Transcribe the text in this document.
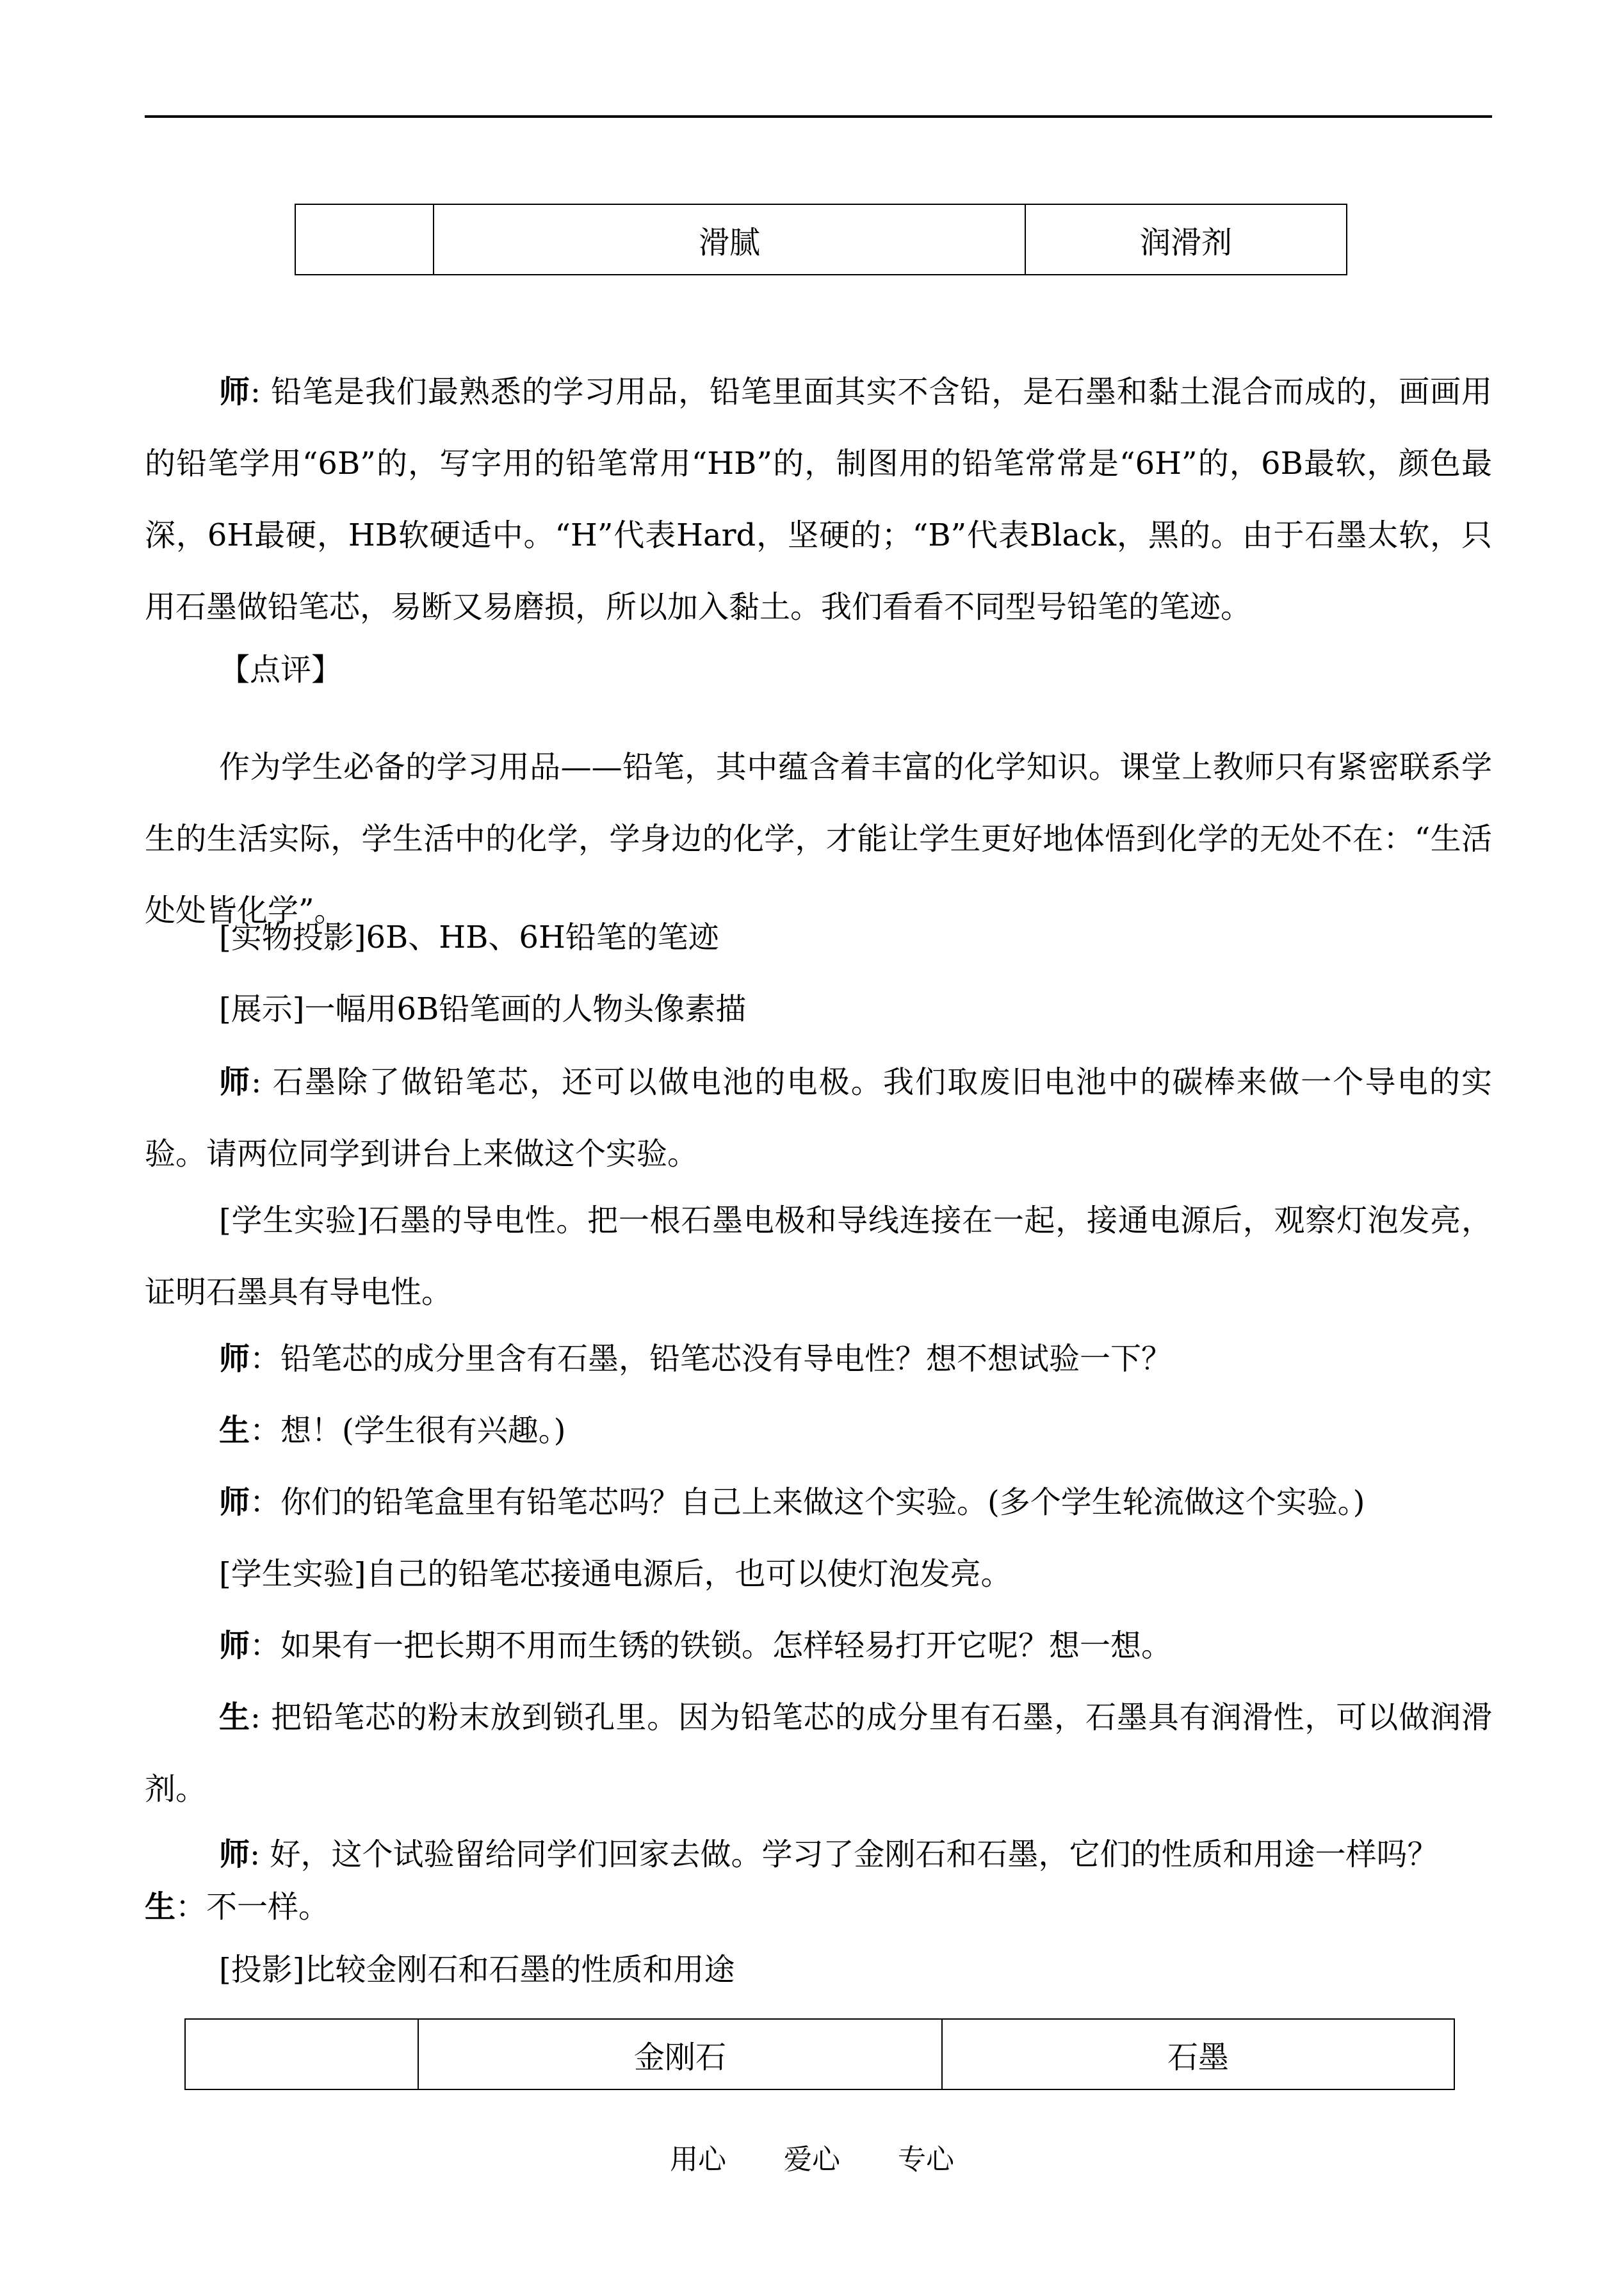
	滑腻	润滑剂

师: 铅笔是我们最熟悉的学习用品，铅笔里面其实不含铅，是石墨和黏土混合而成的，画画用的铅笔学用“6B”的，写字用的铅笔常用“HB”的，制图用的铅笔常常是“6H”的，6B最软，颜色最深，6H最硬，HB软硬适中。“H”代表Hard，坚硬的；“B”代表Black，黑的。由于石墨太软，只用石墨做铅笔芯，易断又易磨损，所以加入黏土。我们看看不同型号铅笔的笔迹。

【点评】

作为学生必备的学习用品——铅笔，其中蕴含着丰富的化学知识。课堂上教师只有紧密联系学生的生活实际，学生活中的化学，学身边的化学，才能让学生更好地体悟到化学的无处不在：“生活处处皆化学”。

[实物投影]6B、HB、6H铅笔的笔迹

[展示]一幅用6B铅笔画的人物头像素描

师: 石墨除了做铅笔芯，还可以做电池的电极。我们取废旧电池中的碳棒来做一个导电的实验。请两位同学到讲台上来做这个实验。

[学生实验]石墨的导电性。把一根石墨电极和导线连接在一起，接通电源后，观察灯泡发亮，证明石墨具有导电性。

师：铅笔芯的成分里含有石墨，铅笔芯没有导电性？想不想试验一下？

生：想！(学生很有兴趣。)

师：你们的铅笔盒里有铅笔芯吗？自己上来做这个实验。(多个学生轮流做这个实验。)

[学生实验]自己的铅笔芯接通电源后，也可以使灯泡发亮。

师：如果有一把长期不用而生锈的铁锁。怎样轻易打开它呢？想一想。

生: 把铅笔芯的粉末放到锁孔里。因为铅笔芯的成分里有石墨，石墨具有润滑性，可以做润滑剂。

师: 好，这个试验留给同学们回家去做。学习了金刚石和石墨，它们的性质和用途一样吗？

生：不一样。

[投影]比较金刚石和石墨的性质和用途

	金刚石	石墨
用心 爱心 专心
